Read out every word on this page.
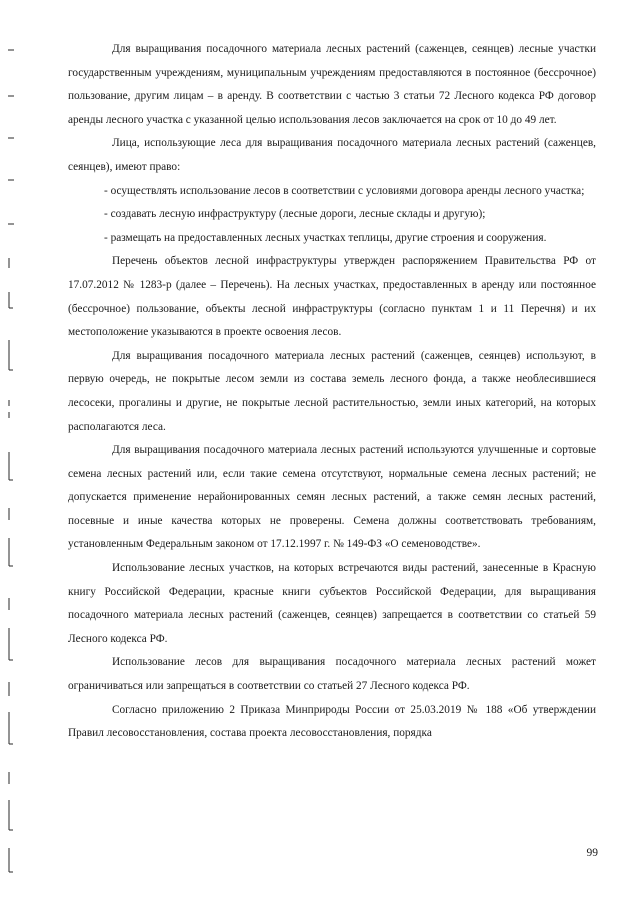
Для выращивания посадочного материала лесных растений (саженцев, сеянцев) лесные участки государственным учреждениям, муниципальным учреждениям предоставляются в постоянное (бессрочное) пользование, другим лицам – в аренду. В соответствии с частью 3 статьи 72 Лесного кодекса РФ договор аренды лесного участка с указанной целью использования лесов заключается на срок от 10 до 49 лет.

Лица, использующие леса для выращивания посадочного материала лесных растений (саженцев, сеянцев), имеют право:

- осуществлять использование лесов в соответствии с условиями договора аренды лесного участка;

- создавать лесную инфраструктуру (лесные дороги, лесные склады и другую);

- размещать на предоставленных лесных участках теплицы, другие строения и сооружения.

Перечень объектов лесной инфраструктуры утвержден распоряжением Правительства РФ от 17.07.2012 № 1283-р (далее – Перечень). На лесных участках, предоставленных в аренду или постоянное (бессрочное) пользование, объекты лесной инфраструктуры (согласно пунктам 1 и 11 Перечня) и их местоположение указываются в проекте освоения лесов.

Для выращивания посадочного материала лесных растений (саженцев, сеянцев) используют, в первую очередь, не покрытые лесом земли из состава земель лесного фонда, а также необлесившиеся лесосеки, прогалины и другие, не покрытые лесной растительностью, земли иных категорий, на которых располагаются леса.

Для выращивания посадочного материала лесных растений используются улучшенные и сортовые семена лесных растений или, если такие семена отсутствуют, нормальные семена лесных растений; не допускается применение нерайонированных семян лесных растений, а также семян лесных растений, посевные и иные качества которых не проверены. Семена должны соответствовать требованиям, установленным Федеральным законом от 17.12.1997 г. № 149-ФЗ «О семеноводстве».

Использование лесных участков, на которых встречаются виды растений, занесенные в Красную книгу Российской Федерации, красные книги субъектов Российской Федерации, для выращивания посадочного материала лесных растений (саженцев, сеянцев) запрещается в соответствии со статьей 59 Лесного кодекса РФ.

Использование лесов для выращивания посадочного материала лесных растений может ограничиваться или запрещаться в соответствии со статьей 27 Лесного кодекса РФ.

Согласно приложению 2 Приказа Минприроды России от 25.03.2019 № 188 «Об утверждении Правил лесовосстановления, состава проекта лесовосстановления, порядка

99
